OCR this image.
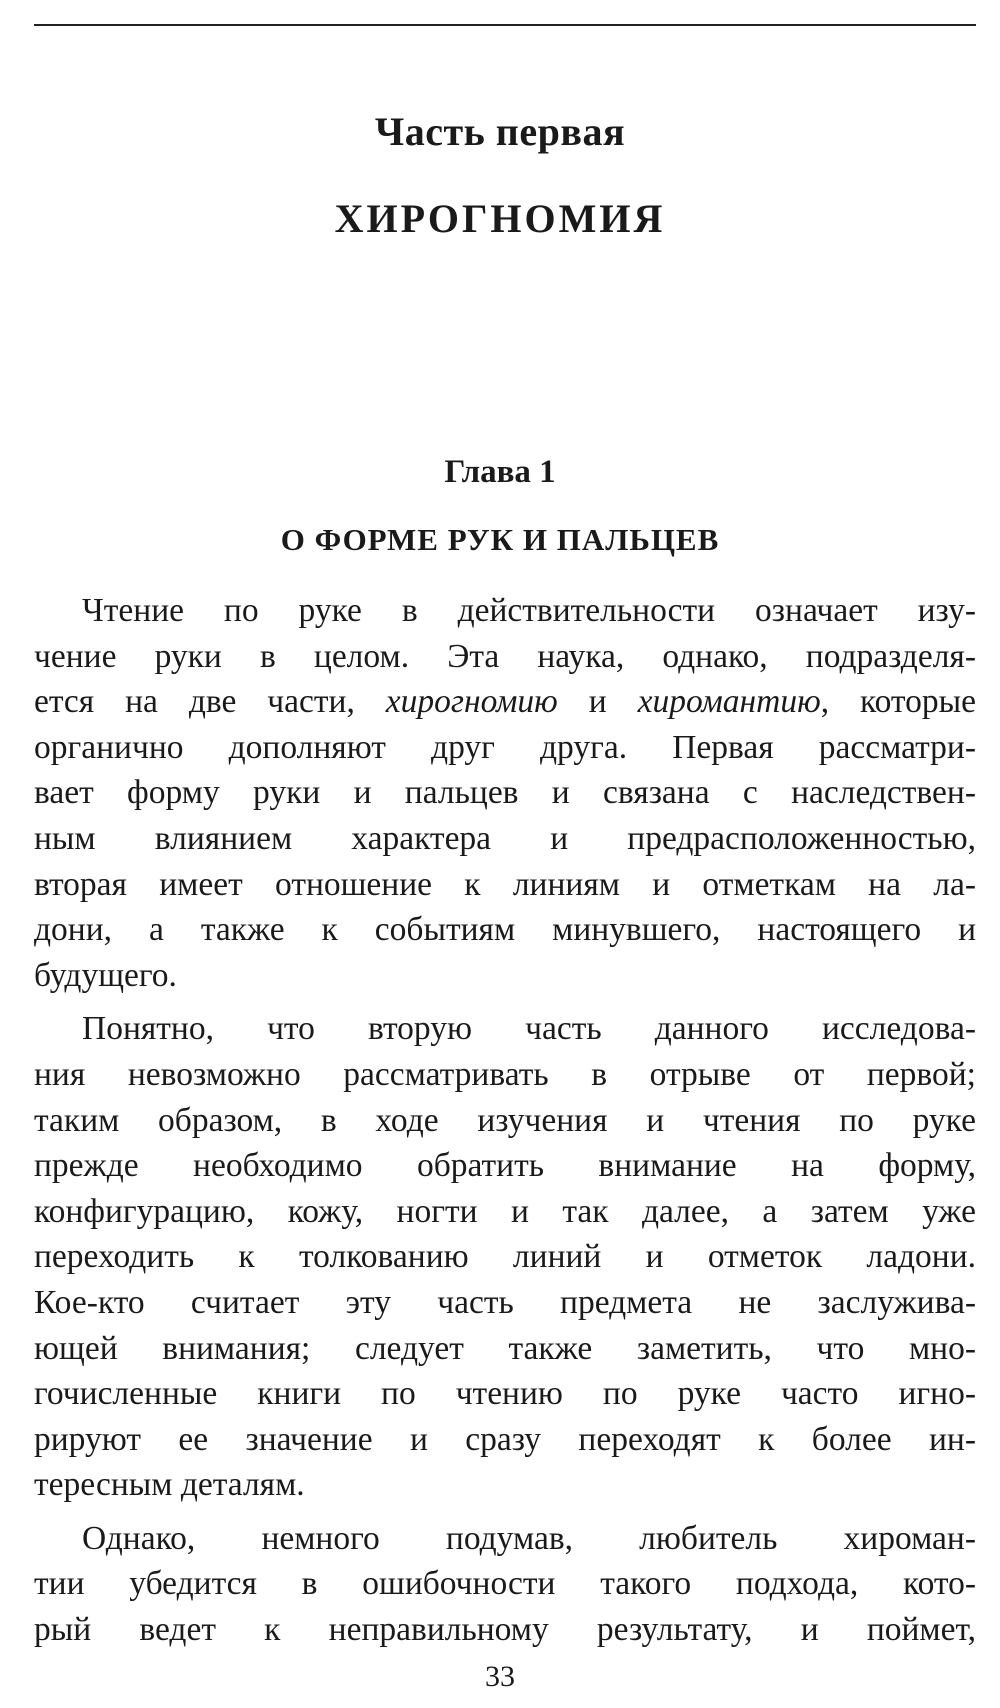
Часть первая
ХИРОГНОМИЯ
Глава 1
О ФОРМЕ РУК И ПАЛЬЦЕВ
Чтение по руке в действительности означает изу-
чение руки в целом. Эта наука, однако, подразделя-
ется на две части, хирогномию и хиромантию, которые
органично дополняют друг друга. Первая рассматри-
вает форму руки и пальцев и связана с наследствен-
ным влиянием характера и предрасположенностью,
вторая имеет отношение к линиям и отметкам на ла-
дони, а также к событиям минувшего, настоящего и
будущего.
Понятно, что вторую часть данного исследова-
ния невозможно рассматривать в отрыве от первой;
таким образом, в ходе изучения и чтения по руке
прежде необходимо обратить внимание на форму,
конфигурацию, кожу, ногти и так далее, а затем уже
переходить к толкованию линий и отметок ладони.
Кое-кто считает эту часть предмета не заслужива-
ющей внимания; следует также заметить, что мно-
гочисленные книги по чтению по руке часто игно-
рируют ее значение и сразу переходят к более ин-
тересным деталям.
Однако, немного подумав, любитель хироман-
тии убедится в ошибочности такого подхода, кото-
рый ведет к неправильному результату, и поймет,
33
